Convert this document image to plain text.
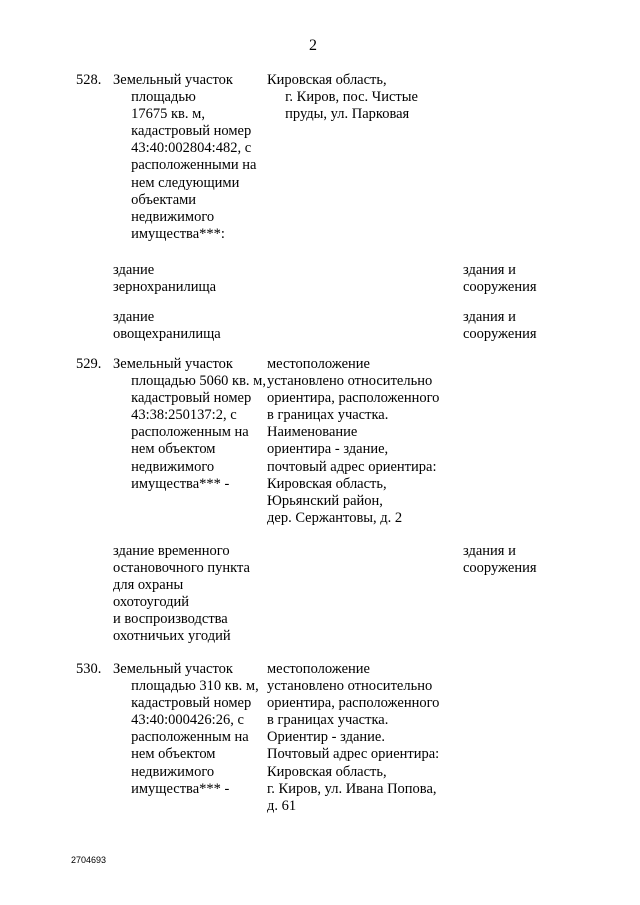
2
528. Земельный участок
площадью
17675 кв. м,
кадастровый номер
43:40:002804:482, с
расположенными на
нем следующими
объектами
недвижимого
имущества***:
Кировская область,
г. Киров, пос. Чистые
пруды, ул. Парковая
здание
зернохранилища
здания и
сооружения
здание
овощехранилища
здания и
сооружения
529. Земельный участок
площадью 5060 кв. м,
кадастровый номер
43:38:250137:2, с
расположенным на
нем объектом
недвижимого
имущества*** -
местоположение
установлено относительно
ориентира, расположенного
в границах участка.
Наименование
ориентира - здание,
почтовый адрес ориентира:
Кировская область,
Юрьянский район,
дер. Сержантовы, д. 2
здание временного
остановочного пункта
для охраны
охотоугодий
и воспроизводства
охотничьих угодий
здания и
сооружения
530. Земельный участок
площадью 310 кв. м,
кадастровый номер
43:40:000426:26, с
расположенным на
нем объектом
недвижимого
имущества*** -
местоположение
установлено относительно
ориентира, расположенного
в границах участка.
Ориентир - здание.
Почтовый адрес ориентира:
Кировская область,
г. Киров, ул. Ивана Попова,
д. 61
2704693
